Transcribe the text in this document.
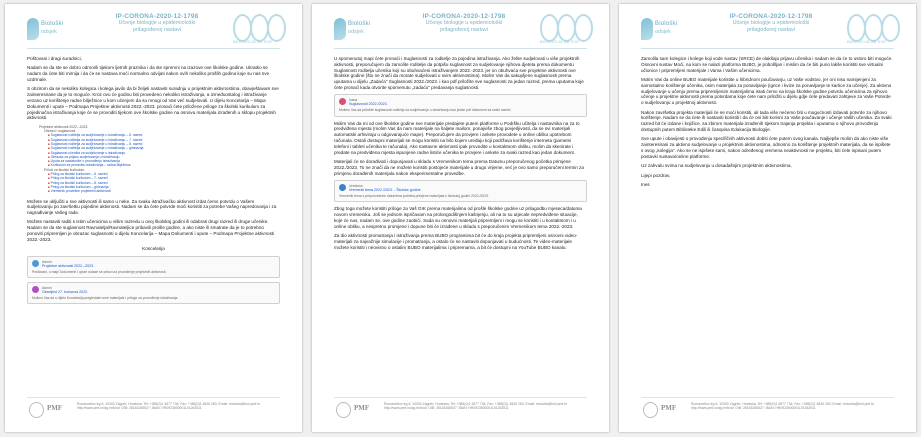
Biološki
odsjek
IP-CORONA-2020-12-1798
Učenje biologije u epidemiološki
prilagođenoj nastavi
BIOLOGIJA ZA SVE

Poštovani i dragi suradnici,

Nadam se da ste se dobro odmorili tijekom ljetnih praznika i da ste spremni na izazove ove školske godine. Ukratko se nadam da ćete biti mirnija i da će se nastava moći normalno odvijati nakon ovih nekoliko prošlih godina koje su nas sve uzdrmale.

S obzirom da se nekoliko kolegica i kolega javilo da bi željeli nastaviti suradnju u projektnim aktivnostima, obavještavam sve zainteresirane da je to moguće. Kroz ovu će godinu biti provedeno nekoliko istraživanja, a izmeđuostalog i istraživanje vezano uz korištenje radne bilježnice u kom učenjem da su mnogi od Vas već sudjelovali. U dijelu Koncelarija – Mapa Dokumenti i upute – Podmapa Projektne aktivnosti 2022.-2023. pronaći ćete priložene priloge za školski kurikulum za pojedinačna istraživanja koje će se provoditi tijekom ove školske godine na osnovu materijala izrađenih u sklopu projektnih aktivnosti.

Projektne aktivnosti 2022.–2023.
Obrazci i suglasnosti
■ Suglasnost roditelja za sudjelovanje u istraživanju – 6. razred
■ Suglasnost roditelja za sudjelovanje u istraživanju – 7. razred
■ Suglasnost roditelja za sudjelovanje u istraživanju – 8. razred
■ Suglasnost roditelja za sudjelovanje u istraživanju – gimnazija
■ Suglasnost učenika za sudjelovanje u istraživanju
■ Obrazac za prijavu sudjelovanja u istraživanju
■ Uputa za nastavnike o provođenju istraživanja
■ Kurikulum za provedbu istraživanja – radna bilježnica
Prilozi za školski kurikulum
■ Prilog za školski kurikulum – 6. razred
■ Prilog za školski kurikulum – 7. razred
■ Prilog za školski kurikulum – 8. razred
■ Prilog za školski kurikulum – gimnazija
■ Vremenik provedbe projektnih aktivnosti

Možete se uključiti u sve aktivnosti ili samo u neke. Za svaku istraživačku aktivnost izdat ćemo potvrdu o Vašem sudjelovanju po završetku pojedine aktivnosti. Nadam se da ćete potvrde moći koristiti za potrebe Vašeg napredovanja i za nagrađivanje Vašeg rada.

Možete nastaviti raditi s istim učenicima u višim razredu u ovoj školskoj godini ili odabrati drugi razred ili druge učenike. Nadam se da ste suglasnost Ravnatelja/Ravnateljice pribavili prošle godine, a ako niste ili smatrate da je to potrebno ponoviti pripremljen je obrazac suglasnosti u dijelu Koncelarija – Mapa Dokumenti i upute – Podmapa Projektne aktivnosti 2022.-2023.

Koncelarija

Admin
Projektne aktivnosti 2022.–2023.
Poštovani, u mapi Dokumenti i upute nalaze se prilozi za provođenje projektnih aktivnosti.
Admin
Obavijest 27. kolovoza 2022.
Molimo Vas da u dijelu Koncelarija pregledate nove materijale i priloge za provođenje istraživanja.
PMF	Rooseveltov trg 6, 10000 Zagreb, Hrvatska; Tel: +385(0)1 4877 734; Fax: +385(0)1 4826 260; Email: redovita@biol.pmf.hr
http://www.pmf.unizg.hr/biol/; OIB: 28163265527; IBAN: HR0923600001101262511
Biološki
odsjek
IP-CORONA-2020-12-1798
Učenje biologije u epidemiološki
prilagođenoj nastavi
BIOLOGIJA ZA SVE

U spomenutoj mapi ćete pronaći i Suglasnosti za roditelje za pojedina istraživanja. Ako želite sudjelovati u više projektnih aktivnosti, preporučujem da zamolite roditelje da potpišu suglasnost za sudjelovanje njihova djeteta prema dokumentu Suglasnost roditelja učenika koji su obuhvaćeni istraživanjem 2022.-2023. jer on obuhvaća sve projektne aktivnosti ove školske godine (što ne znači da morate sudjelovati u svim aktivnostima). Molim Vas da sakupljene suglasnosti prema uputama u dijelu „Zadaća" Suglasnosti 2022./2023. i kao pdf priložite sve suglasnosti za jedan razred, prema uputama koje ćete pronaći kada otvorite spomenutu „zadaću" predavanja suglasnosti.

Ivana
Suglasnosti 2022./2023.
Molimo Vas da priložite suglasnosti roditelja za sudjelovanje u istraživanju kao jedan pdf dokument za svaki razred.

Molim Vas da mi od ove školske godine sve materijale predajete putem platforme u Podršku učitelja i nastavnika na za to predviđena mjesta (molim Vas da nam materijale na šaljete mailom, ponajviše zbog povjerljivosti, da se svi materijali automatski arhiviraju u odgovarajuće mape). Preporučujem da provjere i ankete provodete u online obliku upotrebom računala. Ostali dostupni materijali se mogu koristiti na bilo kojem uređaju koji podržava korištenje interneta (pametni telefoni i tableti učenika te računala). Ako nastavne aktivnosti ipak provodite u kontaktnom obliku, molim da skenirate i predate na predviđena mjesta ispunjene radne listiće učenika te provjere i ankete za svaki razred kao jedan dokument.

Materijali će se dorađivati i dopunjavati u skladu s Vremenikom tema prema Datumu preporučenog početka primjene 2022./2023. To ne znači da ne možete koristiti postojeće materijale u drugo vrijeme, već je ovo samo preporučeni termin za primjenu dorađenih materijala nakon eksperimentalne provedbe.

Urednica
Vremenik tema 2022./2023. - Školske godine
Vremenik tema s preporučenim datumima početka primjene materijala u školskoj godini 2022./2023.

Zbog toga možete koristiti priloge za Vaš GIK prema materijalima od prošle školske godine uz prilagodbu mjeseca/datuma novom vremeniku. Još se jednom ispričavam na prolongodišnjem kašnjenju, ali na to su utjecale nepredviđene situacije, koje će nas, nadam se, ove godine zaobići. Sada su osnovni materijali pripremljeni i mogu se koristiti i u kontaktnom i u online obliku, a nespretno promjene i dopune biti će izrađene u skladu s preporučenim Vremenikom tema 2022.-2023.

Za dio aktivnosti promatranja i istraživanja prema BUBO programima bit će do kraja projekta pripremljeni osnovni video-materijali za najvažnije simulacije i promatranja, a ostalo će se nastaviti dopunjavati u budućnosti. Te video-materijale možete koristiti i neovisno o ostalim BUBO materijalima i pripremama, a bit će dostupni na YouTube BUBO kanalu.

PMF	Rooseveltov trg 6, 10000 Zagreb, Hrvatska; Tel: +385(0)1 4877 734; Fax: +385(0)1 4826 260; Email: redovita@biol.pmf.hr
http://www.pmf.unizg.hr/biol/; OIB: 28163265527; IBAN: HR0923600001101262511
Biološki
odsjek
IP-CORONA-2020-12-1798
Učenje biologije u epidemiološki
prilagođenoj nastavi
BIOLOGIJA ZA SVE

Zamolila sam kolegice i kolege koji vode sustav (SRCE) de olakšaju prijavu učenika i nadam se da će to ustoro biti moguće. Osnovni sustav Moći, na kom se nalazi platforma BUBO, je pobošljan i mislim da će biti puno lakše koristiti sve virtualni učionice i pripremljeni materijale i Vama i Vašim učenicima.

Molim Vas da online BUBO materijale koristite u hibridnom poučavanju, uz Vaše vodstvo, jer oni nisu namijenjeni za samostalno korištenje učenika, osim materijala za ponavljanje (igrice i kvize za ponavljanje te kartice za učenje). Za aktivno sudjelovanje u učenju prema pripremljenim materijalima istati ćemo na kraju školske godine potvrdu učenicima za njihovo učenje u projektne aktivnosti prema potvrdama koje ćete nam priložiti u dijelu gdje ćete predavati zahtjeve za Vaše Potvrde o sudjelovanju u projektnoj aktivnosti.

Nakon završetka projekta materijali će se moći koristiti, ali tada više nećemo biti u mogućnosti izdavati potvrde za njihovo korištenje. Nadam se da ćete ih nastaviti koristiti i da će oni biti korisni za Vaše poučavanje i učenje Vaših učenika. Za svaki razred bit će izdane i knjižice, sa zbirom materijala izrađenih tijekom trajanja projekta i uputama o njihovu provođenju dostupnih putem Biblioteke Edili ili časopisa Edukacija Biologije.

Sve upute i obavijesti o provođenju specifičnih aktivnosti dobiti ćete putem ovog kanala. Najljepše molim da ako niste više zainteresirani za aktivno sudjelovanje u projektnim aktivnostima, odnosno za korištenje projektnih materijala, da se ispišete s ovog „kolegija". Ako se ne ispišete sami, nakon određenog vremena neaktivnosti ne projektu, biti ćete ispisani putem postavki sustava/online platforme.

Uz zahvalu svima na sudjelovanju u dosadašnjim projektnim aktivnostima,

Lijepi pozdrav,

Ines

PMF	Rooseveltov trg 6, 10000 Zagreb, Hrvatska; Tel: +385(0)1 4877 734; Fax: +385(0)1 4826 260; Email: redovita@biol.pmf.hr
http://www.pmf.unizg.hr/biol/; OIB: 28163265527; IBAN: HR0923600001101262511
